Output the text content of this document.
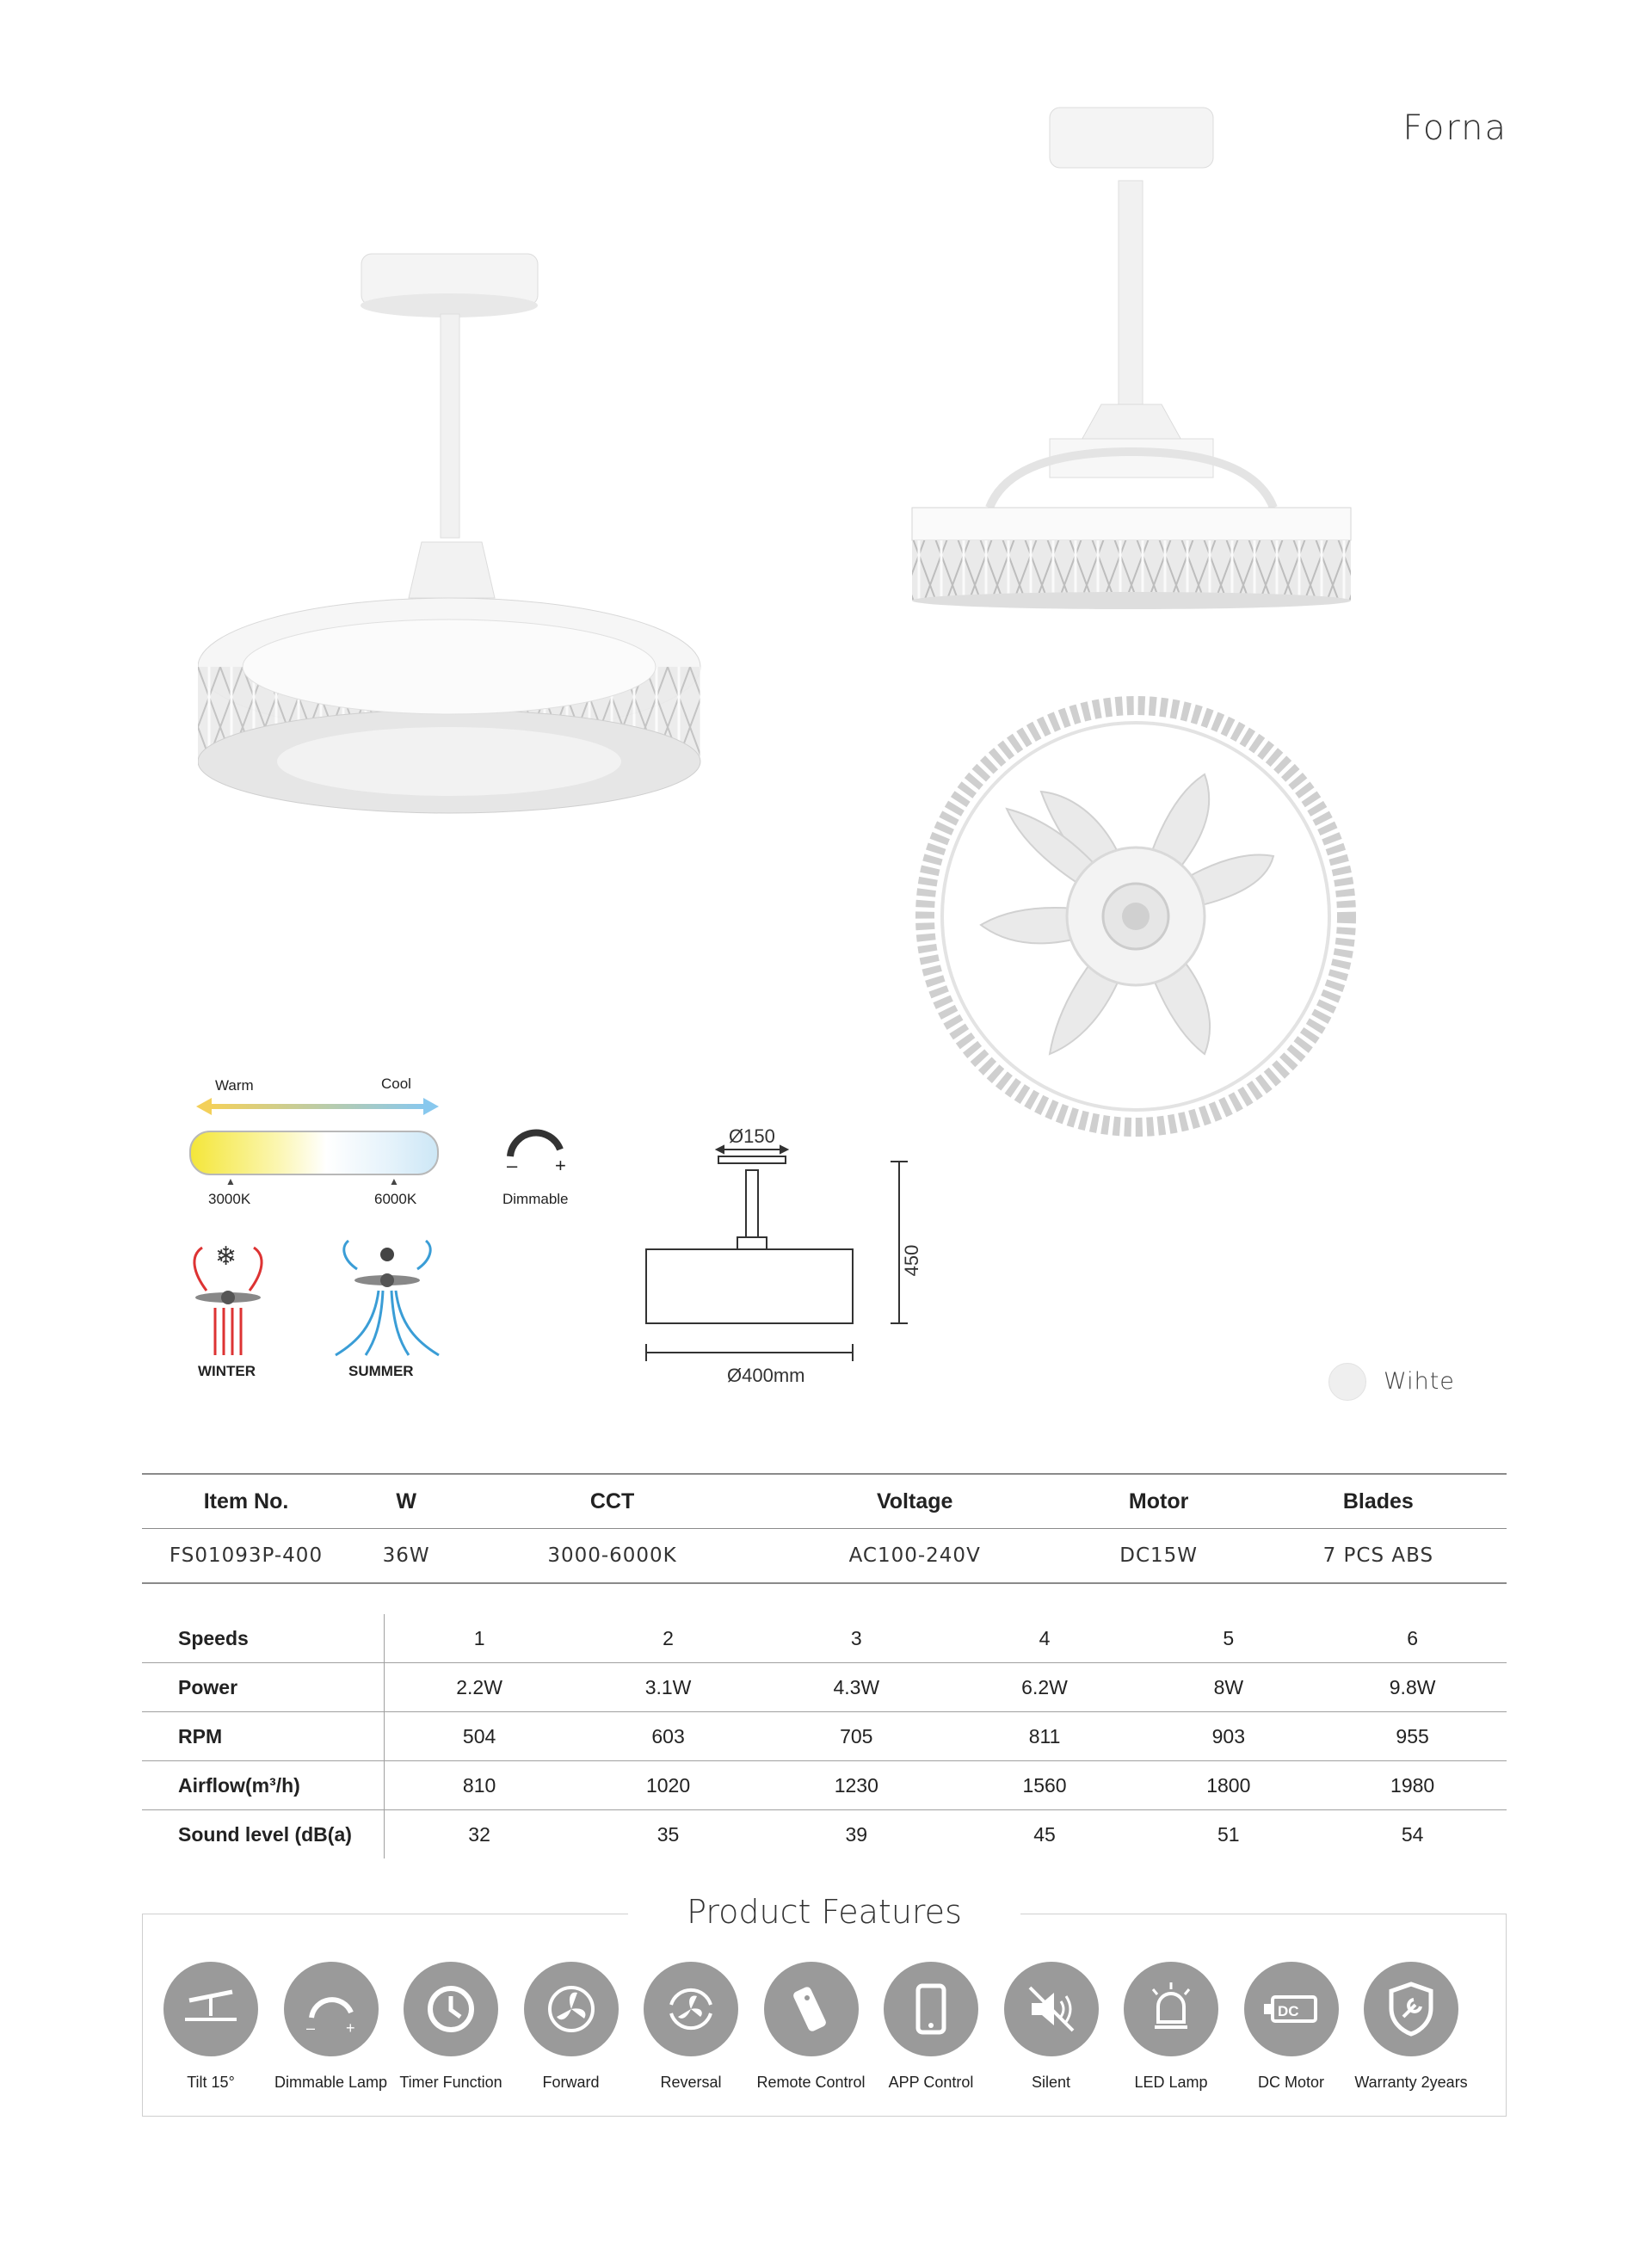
Forna
Warm	Cool
▲	▲
3000K	6000K
– +
Dimmable
❄
WINTER	SUMMER
Ø150
Ø400mm
450
Wihte
Item No.	W	CCT	Voltage	Motor	Blades
FS01093P-400	36W	3000-6000K	AC100-240V	DC15W	7 PCS ABS
Speeds	1	2	3	4	5	6
Power	2.2W	3.1W	4.3W	6.2W	8W	9.8W
RPM	504	603	705	811	903	955
Airflow(m³/h)	810	1020	1230	1560	1800	1980
Sound level (dB(a)	32	35	39	45	51	54
Product Features
Tilt 15°
– +
Dimmable Lamp Timer Function	Forward	Reversal	Remote Control	APP Control	Silent	LED Lamp
DC
DC Motor	Warranty 2years
